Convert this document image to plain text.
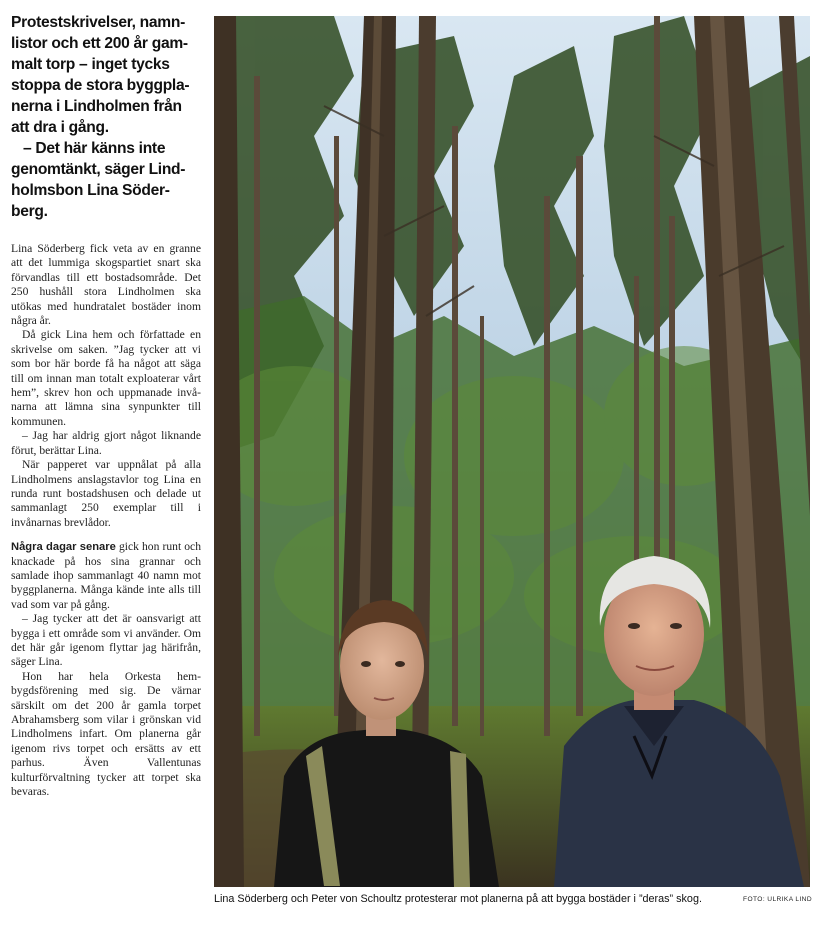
Protestskrivelser, namnlistor och ett 200 år gammalt torp – inget tycks stoppa de stora byggplanerna i Lindholmen från att dra i gång.

– Det här känns inte genomtänkt, säger Lindholmsbon Lina Söderberg.

Lina Söderberg fick veta av en granne att det lummiga skogspartiet snart ska förvandlas till ett bostadsområde. Det 250 hushåll stora Lindholmen ska utökas med hundratalet bostäder inom några år.

Då gick Lina hem och författade en skrivelse om saken. ”Jag tycker att vi som bor här borde få ha något att säga till om innan man totalt exploaterar vårt hem”, skrev hon och uppmanade invånarna att lämna sina synpunkter till kommunen.

– Jag har aldrig gjort något liknande förut, berättar Lina.

När papperet var uppnålat på alla Lindholmens anslagstavlor tog Lina en runda runt bostadshusen och delade ut sammanlagt 250 exemplar till i invånarnas brevlådor.

Några dagar senare gick hon runt och knackade på hos sina grannar och samlade ihop sammanlagt 40 namn mot byggplanerna. Många kände inte alls till vad som var på gång.

– Jag tycker att det är oansvarigt att bygga i ett område som vi använder. Om det här går igenom flyttar jag härifrån, säger Lina.

Hon har hela Orkesta hembygdsförening med sig. De värnar särskilt om det 200 år gamla torpet Abrahamsberg som vilar i grönskan vid Lindholmens infart. Om planerna går igenom rivs torpet och ersätts av ett parhus. Även Vallentunas kulturförvaltning tycker att torpet ska bevaras.

Lina Söderberg och Peter von Schoultz protesterar mot planerna på att bygga bostäder i ”deras” skog.	FOTO: ULRIKA LIND
